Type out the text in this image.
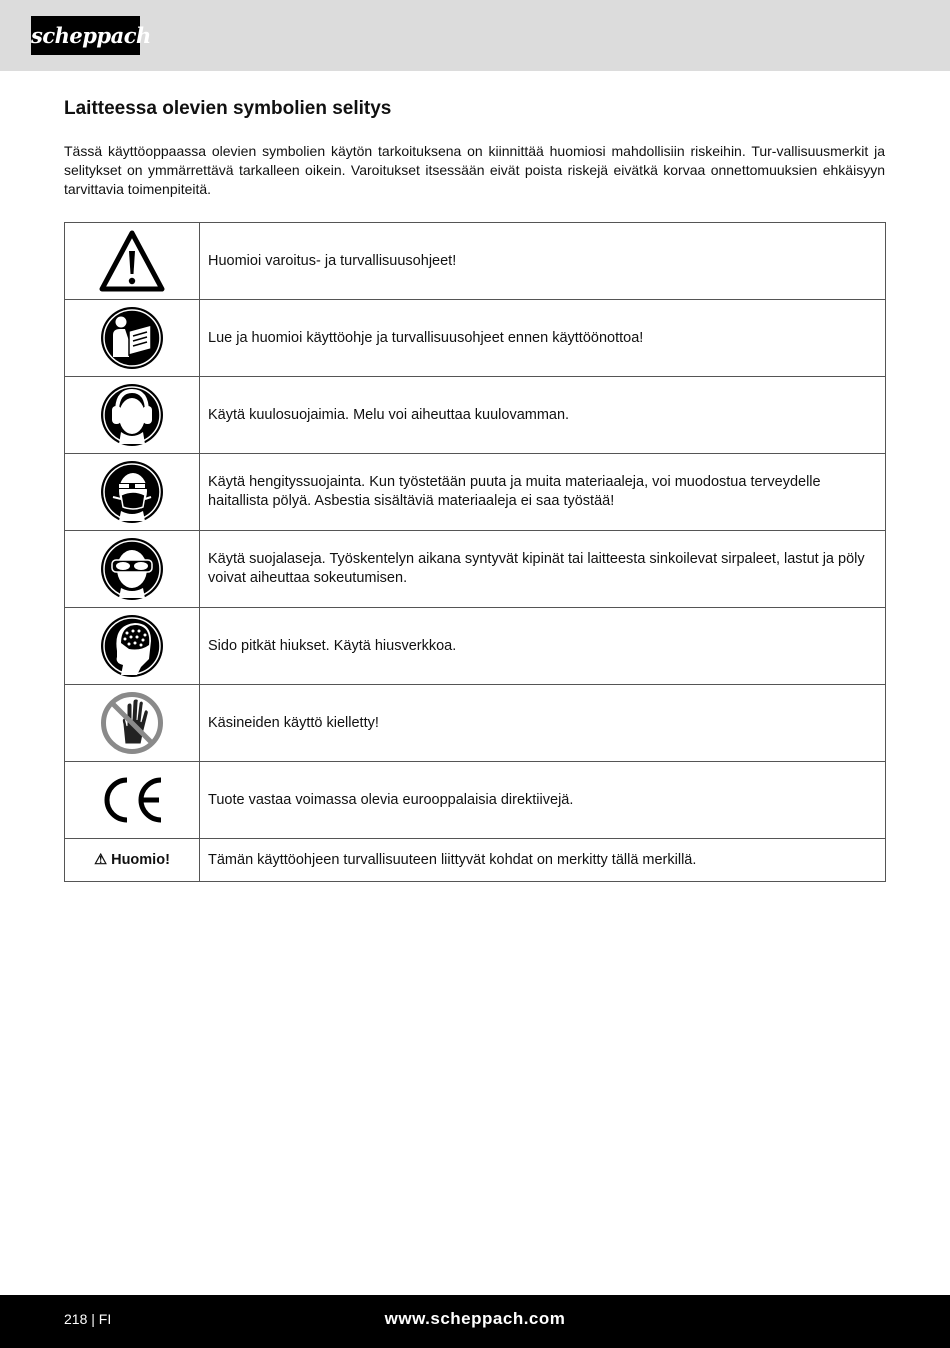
scheppach
Laitteessa olevien symbolien selitys

Tässä käyttöoppaassa olevien symbolien käytön tarkoituksena on kiinnittää huomiosi mahdollisiin riskeihin. Tur-vallisuusmerkit ja selitykset on ymmärrettävä tarkalleen oikein. Varoitukset itsessään eivät poista riskejä eivätkä korvaa onnettomuuksien ehkäisyyn tarvittavia toimenpiteitä.

	Huomioi varoitus- ja turvallisuusohjeet!

	Lue ja huomioi käyttöohje ja turvallisuusohjeet ennen käyttöönottoa!

	Käytä kuulosuojaimia. Melu voi aiheuttaa kuulovamman.

	Käytä hengityssuojainta. Kun työstetään puuta ja muita materiaaleja, voi muodostua terveydelle haitallista pölyä. Asbestia sisältäviä materiaaleja ei saa työstää!

	Käytä suojalaseja. Työskentelyn aikana syntyvät kipinät tai laitteesta sinkoilevat sirpaleet, lastut ja pöly voivat aiheuttaa sokeutumisen.

	Sido pitkät hiukset. Käytä hiusverkkoa.

	Käsineiden käyttö kielletty!

	Tuote vastaa voimassa olevia eurooppalaisia direktiivejä.
⚠ Huomio!	Tämän käyttöohjeen turvallisuuteen liittyvät kohdat on merkitty tällä merkillä.
218 | FI	www.scheppach.com
